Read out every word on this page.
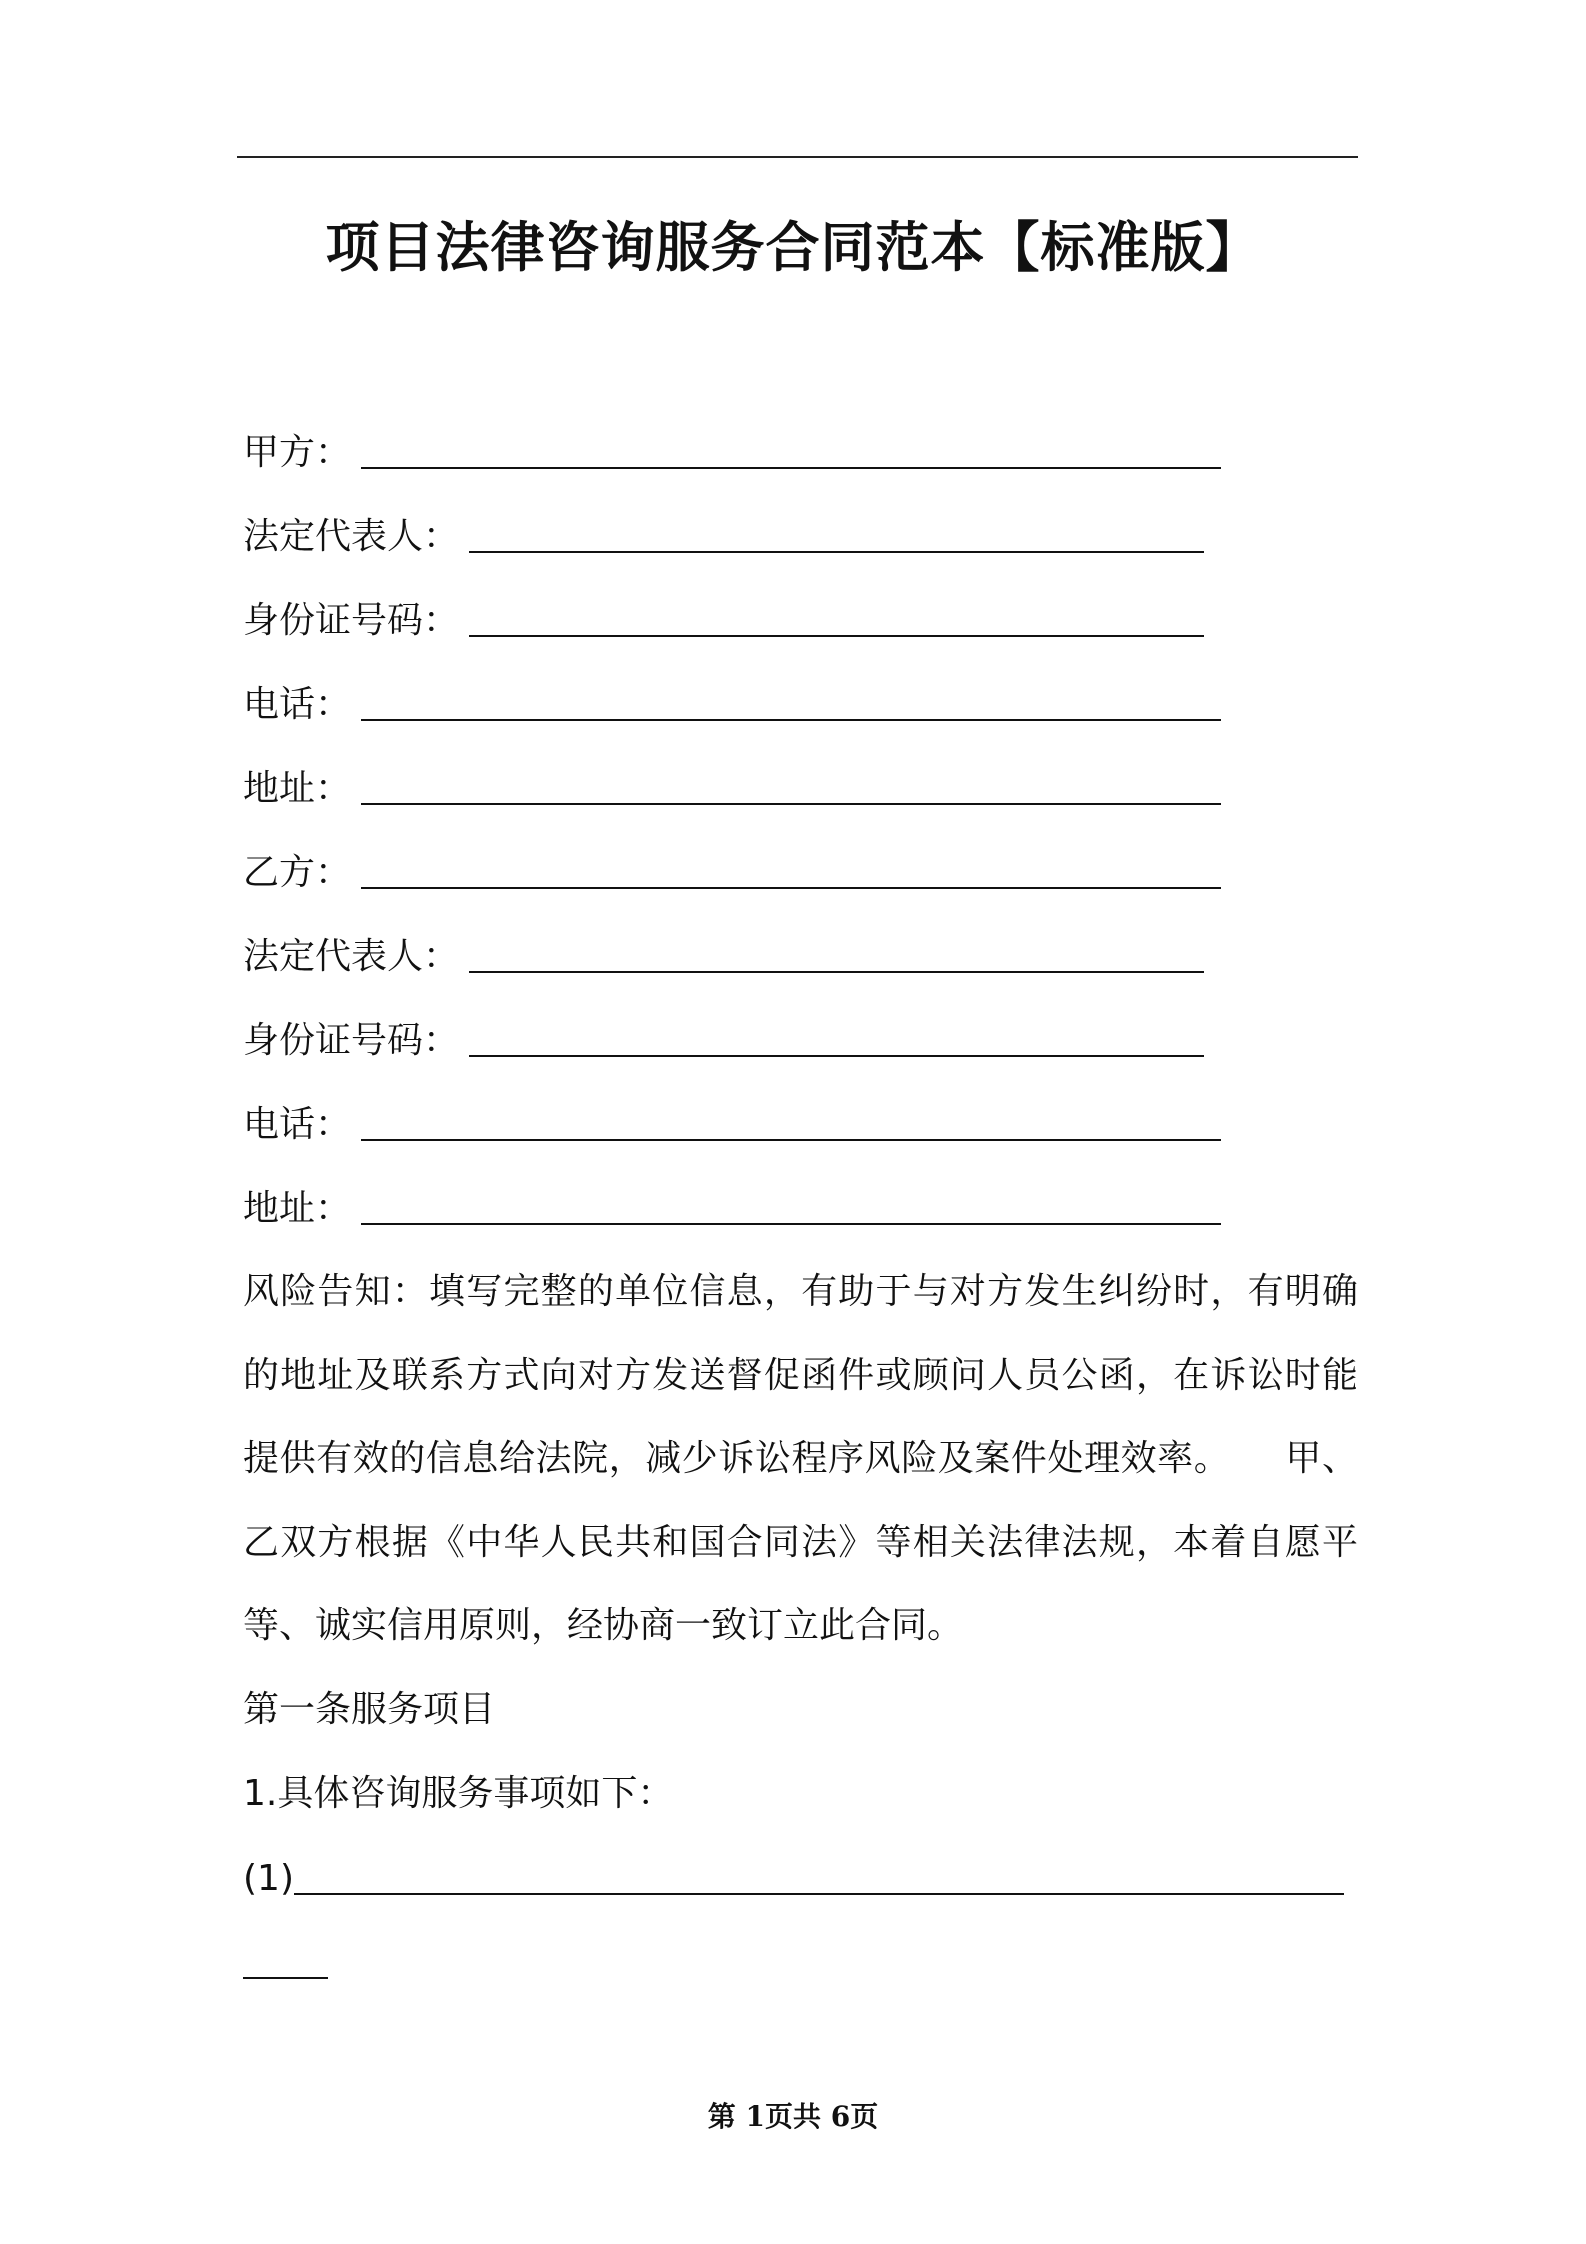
项目法律咨询服务合同范本【标准版】
甲方：
法定代表人：
身份证号码：
电话：
地址：
乙方：
法定代表人：
身份证号码：
电话：
地址：
风险告知：填写完整的单位信息，有助于与对方发生纠纷时，有明确的地址及联系方式向对方发送督促函件或顾问人员公函，在诉讼时能提供有效的信息给法院，减少诉讼程序风险及案件处理效率。　　甲、乙双方根据《中华人民共和国合同法》等相关法律法规，本着自愿平等、诚实信用原则，经协商一致订立此合同。
第一条服务项目
1.具体咨询服务事项如下：
(1)
第 1页共 6页
